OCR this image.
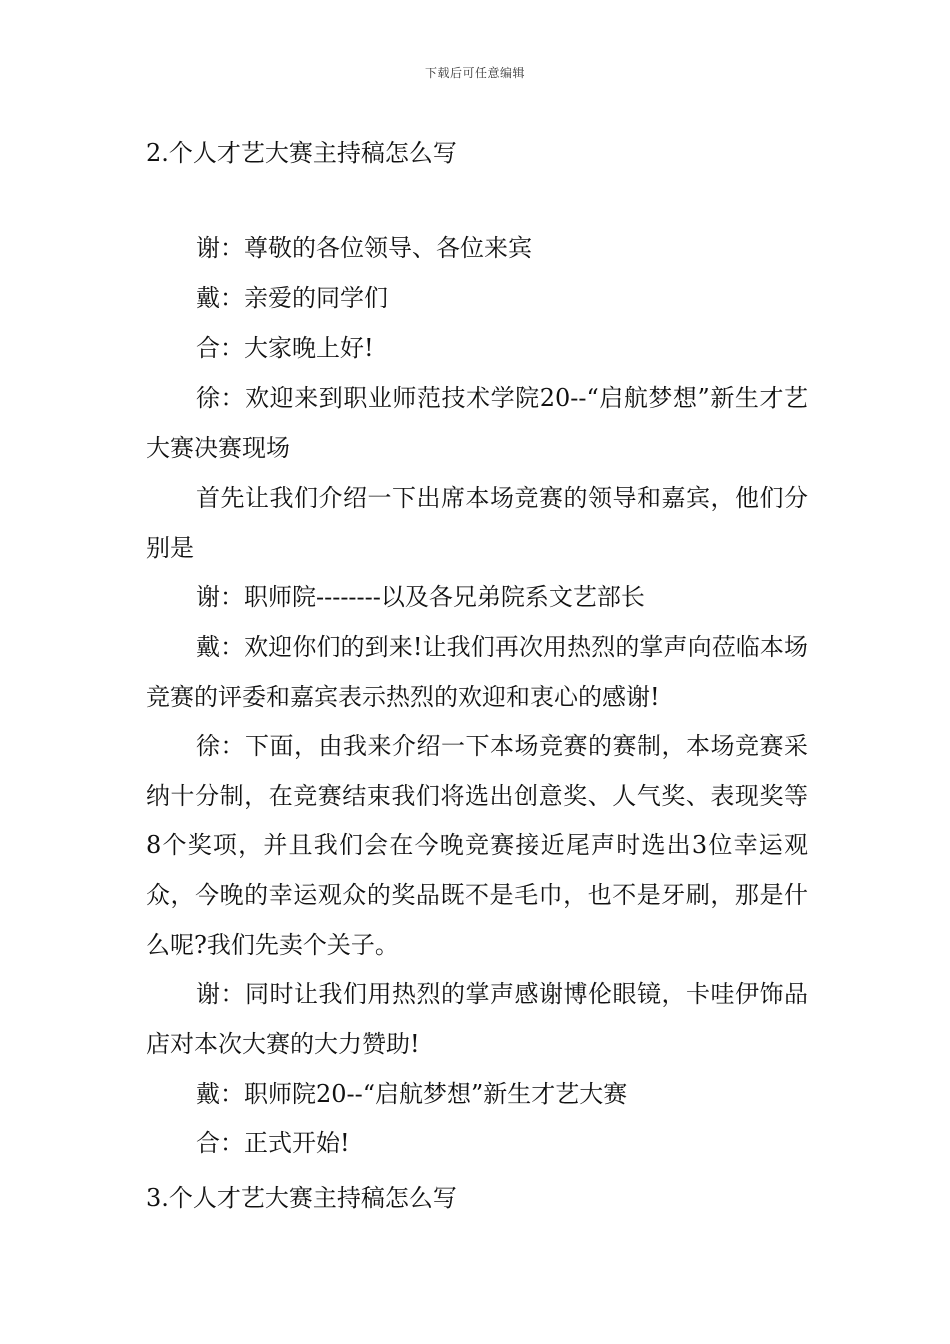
下载后可任意编辑
2.个人才艺大赛主持稿怎么写

谢：尊敬的各位领导、各位来宾

戴：亲爱的同学们

合：大家晚上好!

徐：欢迎来到职业师范技术学院20--“启航梦想”新生才艺大赛决赛现场

首先让我们介绍一下出席本场竞赛的领导和嘉宾，他们分别是

谢：职师院--------以及各兄弟院系文艺部长

戴：欢迎你们的到来!让我们再次用热烈的掌声向莅临本场竞赛的评委和嘉宾表示热烈的欢迎和衷心的感谢!

徐：下面，由我来介绍一下本场竞赛的赛制，本场竞赛采纳十分制，在竞赛结束我们将选出创意奖、人气奖、表现奖等8个奖项，并且我们会在今晚竞赛接近尾声时选出3位幸运观众，今晚的幸运观众的奖品既不是毛巾，也不是牙刷，那是什么呢?我们先卖个关子。

谢：同时让我们用热烈的掌声感谢博伦眼镜，卡哇伊饰品店对本次大赛的大力赞助!

戴：职师院20--“启航梦想”新生才艺大赛

合：正式开始!

3.个人才艺大赛主持稿怎么写
